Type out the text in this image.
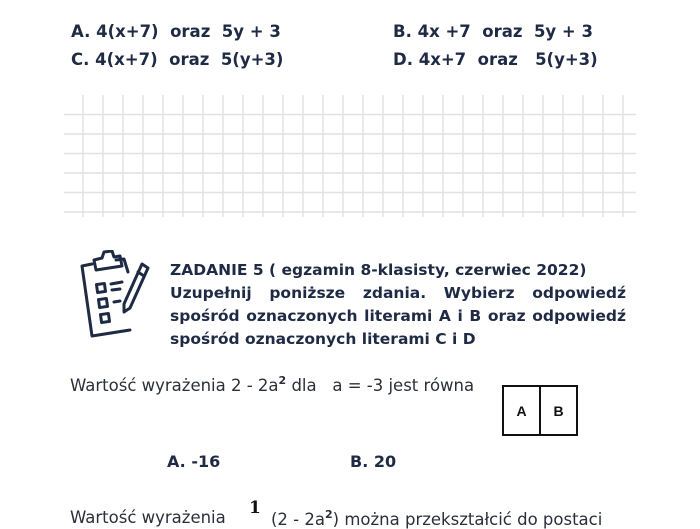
A. 4(x+7)  oraz  5y + 3	B. 4x +7  oraz  5y + 3
C. 4(x+7)  oraz  5(y+3)	D. 4x+7  oraz   5(y+3)
ZADANIE 5 ( egzamin 8-klasisty, czerwiec 2022)
Uzupełnij poniższe zdania. Wybierz odpowiedź spośród oznaczonych literami A i B oraz odpowiedź spośród oznaczonych literami C i D
Wartość wyrażenia $2 - 2a^2$ dla   a = -3 jest równa
A	B
A. -16	B. 20
Wartość wyrażenia 1
$(2 - 2a^2)$ można przekształcić do postaci
